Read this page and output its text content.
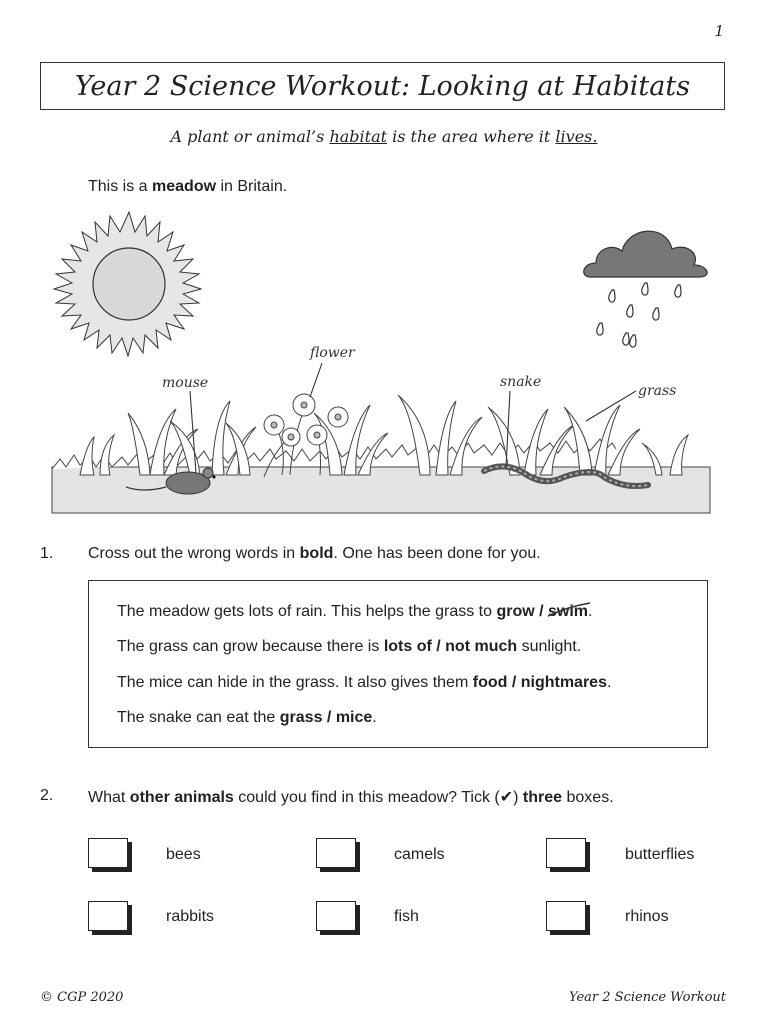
1
Year 2 Science Workout: Looking at Habitats
A plant or animal’s habitat is the area where it lives.
This is a meadow in Britain.
mouse
flower
snake
grass
1. Cross out the wrong words in bold. One has been done for you.
The meadow gets lots of rain. This helps the grass to grow / swim
.
The grass can grow because there is lots of / not much sunlight.
The mice can hide in the grass. It also gives them food / nightmares.
The snake can eat the grass / mice.
2. What other animals could you find in this meadow? Tick (✔) three boxes.
bees	camels	butterflies
rabbits	fish	rhinos
© CGP 2020	Year 2 Science Workout
